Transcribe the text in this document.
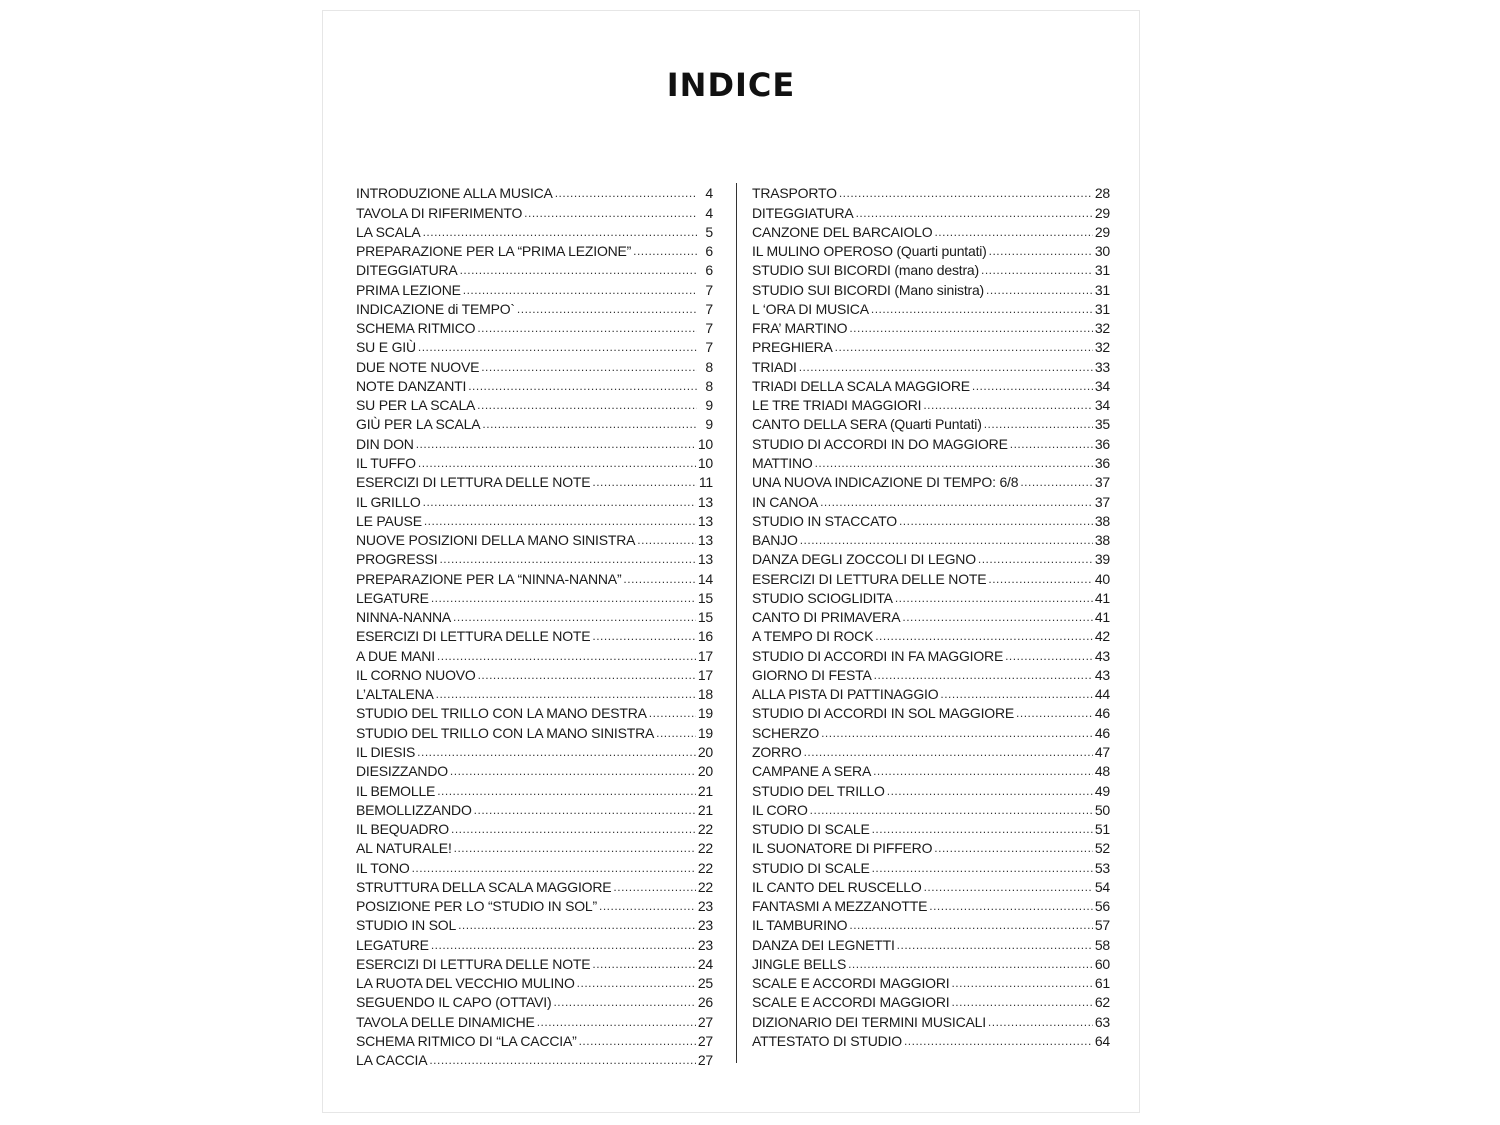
INDICE
INTRODUZIONE ALLA MUSICA .....	4
TAVOLA DI RIFERIMENTO .....	4
LA SCALA .....	5
PREPARAZIONE PER LA “PRIMA LEZIONE” .....	6
DITEGGIATURA .....	6
PRIMA LEZIONE .....	7
INDICAZIONE di TEMPO` .....	7
SCHEMA RITMICO .....	7
SU E GIÙ .....	7
DUE NOTE NUOVE .....	8
NOTE DANZANTI .....	8
SU PER LA SCALA .....	9
GIÙ PER LA SCALA .....	9
DIN DON .....	10
IL TUFFO .....	10
ESERCIZI DI LETTURA DELLE NOTE .....	11
IL GRILLO .....	13
LE PAUSE .....	13
NUOVE POSIZIONI DELLA MANO SINISTRA .....	13
PROGRESSI .....	13
PREPARAZIONE PER LA “NINNA-NANNA” .....	14
LEGATURE .....	15
NINNA-NANNA .....	15
ESERCIZI DI LETTURA DELLE NOTE .....	16
A DUE MANI .....	17
IL CORNO NUOVO .....	17
L’ALTALENA .....	18
STUDIO DEL TRILLO CON LA MANO DESTRA .....	19
STUDIO DEL TRILLO CON LA MANO SINISTRA .....	19
IL DIESIS .....	20
DIESIZZANDO .....	20
IL BEMOLLE .....	21
BEMOLLIZZANDO .....	21
IL BEQUADRO .....	22
AL NATURALE! .....	22
IL TONO .....	22
STRUTTURA DELLA SCALA MAGGIORE .....	22
POSIZIONE PER LO “STUDIO IN SOL” .....	23
STUDIO IN SOL .....	23
LEGATURE .....	23
ESERCIZI DI LETTURA DELLE NOTE .....	24
LA RUOTA DEL VECCHIO MULINO .....	25
SEGUENDO IL CAPO (OTTAVI) .....	26
TAVOLA DELLE DINAMICHE .....	27
SCHEMA RITMICO DI “LA CACCIA” .....	27
LA CACCIA .....	27
TRASPORTO .....	28
DITEGGIATURA .....	29
CANZONE DEL BARCAIOLO .....	29
IL MULINO OPEROSO (Quarti puntati) .....	30
STUDIO SUI BICORDI (mano destra) .....	31
STUDIO SUI BICORDI (Mano sinistra) .....	31
L ‘ORA DI MUSICA .....	31
FRA’ MARTINO .....	32
PREGHIERA .....	32
TRIADI .....	33
TRIADI DELLA SCALA MAGGIORE .....	34
LE TRE TRIADI MAGGIORI .....	34
CANTO DELLA SERA (Quarti Puntati) .....	35
STUDIO DI ACCORDI IN DO MAGGIORE .....	36
MATTINO .....	36
UNA NUOVA INDICAZIONE DI TEMPO: 6/8 .....	37
IN CANOA .....	37
STUDIO IN STACCATO .....	38
BANJO .....	38
DANZA DEGLI ZOCCOLI DI LEGNO .....	39
ESERCIZI DI LETTURA DELLE NOTE .....	40
STUDIO SCIOGLIDITA .....	41
CANTO DI PRIMAVERA .....	41
A TEMPO DI ROCK .....	42
STUDIO DI ACCORDI IN FA MAGGIORE .....	43
GIORNO DI FESTA .....	43
ALLA PISTA DI PATTINAGGIO .....	44
STUDIO DI ACCORDI IN SOL MAGGIORE .....	46
SCHERZO .....	46
ZORRO .....	47
CAMPANE A SERA .....	48
STUDIO DEL TRILLO .....	49
IL CORO .....	50
STUDIO DI SCALE .....	51
IL SUONATORE DI PIFFERO .....	52
STUDIO DI SCALE .....	53
IL CANTO DEL RUSCELLO .....	54
FANTASMI A MEZZANOTTE .....	56
IL TAMBURINO .....	57
DANZA DEI LEGNETTI .....	58
JINGLE BELLS .....	60
SCALE E ACCORDI MAGGIORI .....	61
SCALE E ACCORDI MAGGIORI .....	62
DIZIONARIO DEI TERMINI MUSICALI .....	63
ATTESTATO DI STUDIO .....	64
